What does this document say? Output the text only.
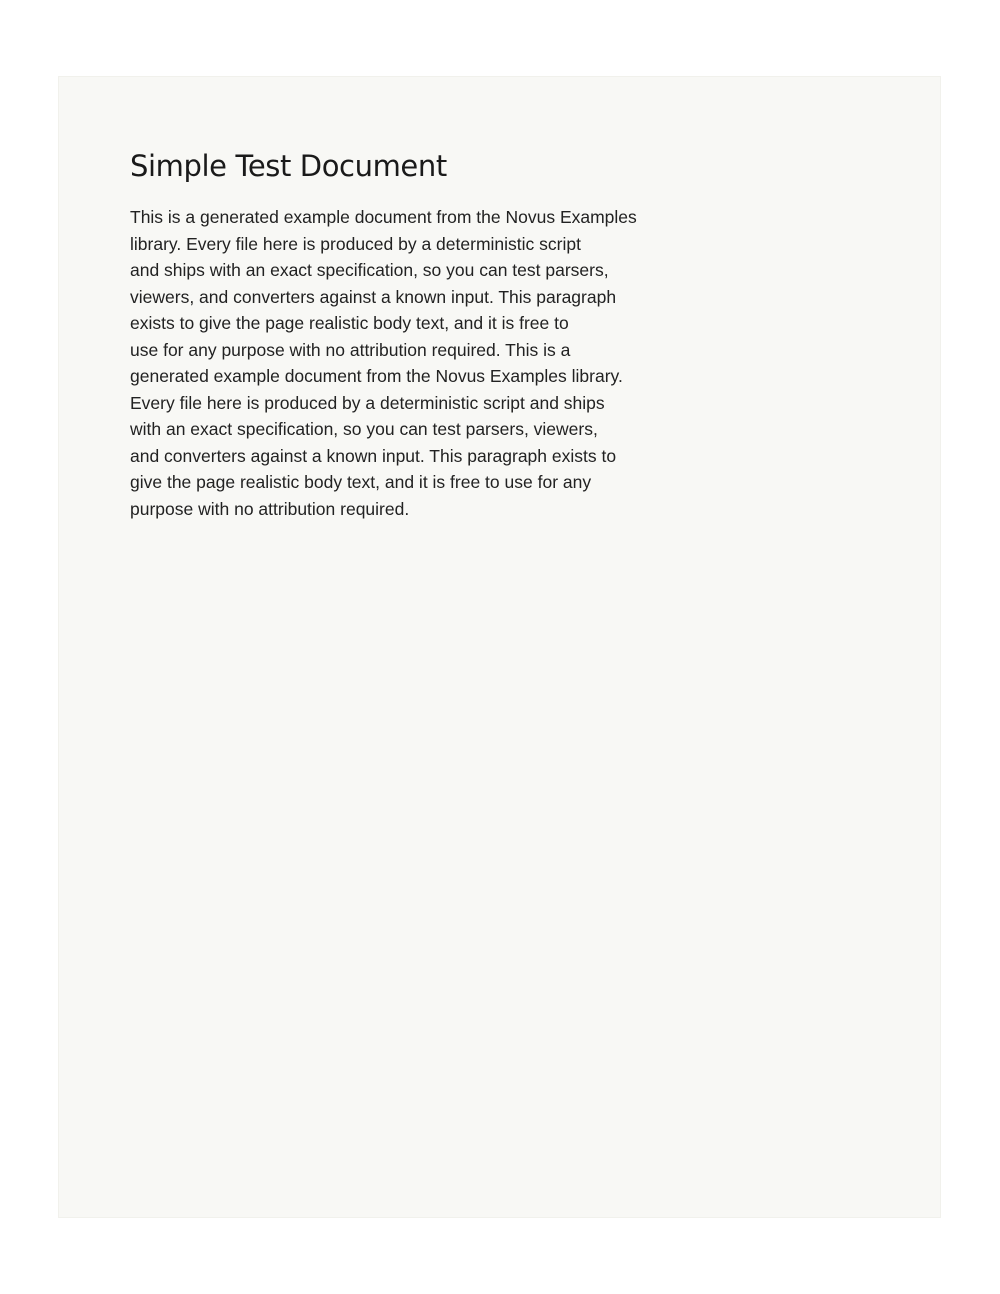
Simple Test Document

This is a generated example document from the Novus Examples
library. Every file here is produced by a deterministic script
and ships with an exact specification, so you can test parsers,
viewers, and converters against a known input. This paragraph
exists to give the page realistic body text, and it is free to
use for any purpose with no attribution required. This is a
generated example document from the Novus Examples library.
Every file here is produced by a deterministic script and ships
with an exact specification, so you can test parsers, viewers,
and converters against a known input. This paragraph exists to
give the page realistic body text, and it is free to use for any
purpose with no attribution required.
